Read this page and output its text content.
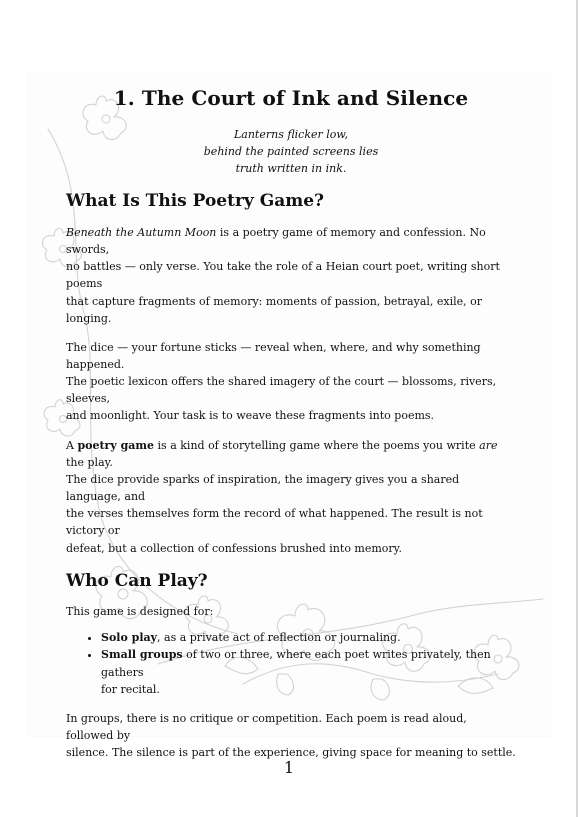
1. The Court of Ink and Silence
Lanterns flicker low,
behind the painted screens lies
truth written in ink.
What Is This Poetry Game?
Beneath the Autumn Moon is a poetry game of memory and confession. No swords,
no battles — only verse. You take the role of a Heian court poet, writing short poems
that capture fragments of memory: moments of passion, betrayal, exile, or longing.
The dice — your fortune sticks — reveal when, where, and why something happened.
The poetic lexicon offers the shared imagery of the court — blossoms, rivers, sleeves,
and moonlight. Your task is to weave these fragments into poems.
A poetry game is a kind of storytelling game where the poems you write are the play.
The dice provide sparks of inspiration, the imagery gives you a shared language, and
the verses themselves form the record of what happened. The result is not victory or
defeat, but a collection of confessions brushed into memory.
Who Can Play?
This game is designed for:
• Solo play, as a private act of reflection or journaling.
• Small groups of two or three, where each poet writes privately, then gathers
for recital.
In groups, there is no critique or competition. Each poem is read aloud, followed by
silence. The silence is part of the experience, giving space for meaning to settle.
1
